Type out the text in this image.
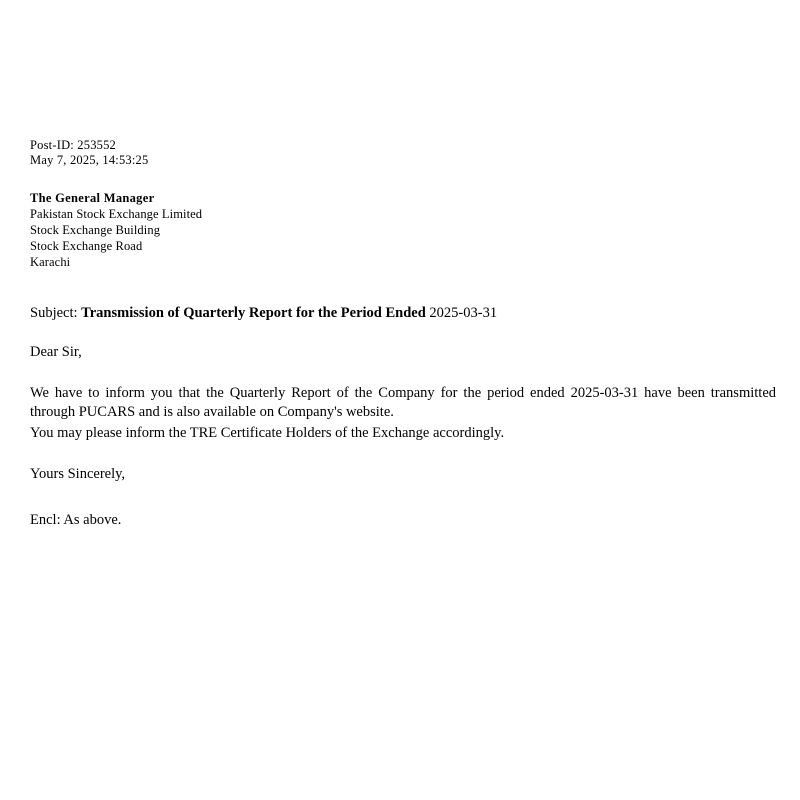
Post-ID: 253552
May 7, 2025, 14:53:25
The General Manager
Pakistan Stock Exchange Limited
Stock Exchange Building
Stock Exchange Road
Karachi
Subject: Transmission of Quarterly Report for the Period Ended 2025-03-31
Dear Sir,
We have to inform you that the Quarterly Report of the Company for the period ended 2025-03-31 have been transmitted through PUCARS and is also available on Company's website.
You may please inform the TRE Certificate Holders of the Exchange accordingly.
Yours Sincerely,
Encl: As above.
